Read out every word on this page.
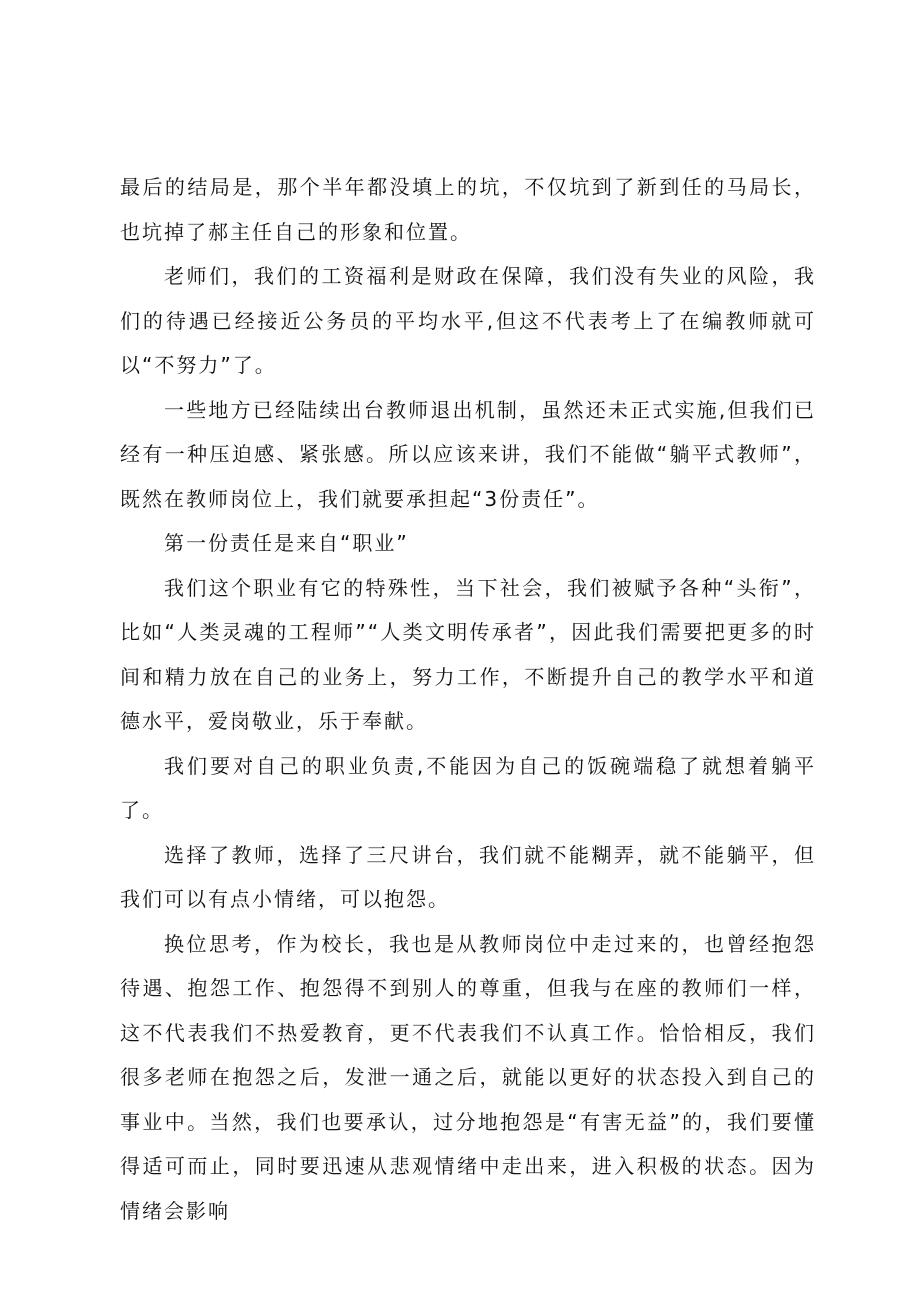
最后的结局是，那个半年都没填上的坑，不仅坑到了新到任的马局长，也坑掉了郝主任自己的形象和位置。

老师们，我们的工资福利是财政在保障，我们没有失业的风险，我们的待遇已经接近公务员的平均水平,但这不代表考上了在编教师就可以“不努力”了。

一些地方已经陆续出台教师退出机制，虽然还未正式实施,但我们已经有一种压迫感、紧张感。所以应该来讲，我们不能做“躺平式教师”，既然在教师岗位上，我们就要承担起“3份责任”。

第一份责任是来自“职业”

我们这个职业有它的特殊性，当下社会，我们被赋予各种“头衔”，比如“人类灵魂的工程师”“人类文明传承者”，因此我们需要把更多的时间和精力放在自己的业务上，努力工作，不断提升自己的教学水平和道德水平，爱岗敬业，乐于奉献。

我们要对自己的职业负责,不能因为自己的饭碗端稳了就想着躺平了。

选择了教师，选择了三尺讲台，我们就不能糊弄，就不能躺平，但我们可以有点小情绪，可以抱怨。

换位思考，作为校长，我也是从教师岗位中走过来的，也曾经抱怨待遇、抱怨工作、抱怨得不到别人的尊重，但我与在座的教师们一样，这不代表我们不热爱教育，更不代表我们不认真工作。恰恰相反，我们很多老师在抱怨之后，发泄一通之后，就能以更好的状态投入到自己的事业中。当然，我们也要承认，过分地抱怨是“有害无益”的，我们要懂得适可而止，同时要迅速从悲观情绪中走出来，进入积极的状态。因为情绪会影响
